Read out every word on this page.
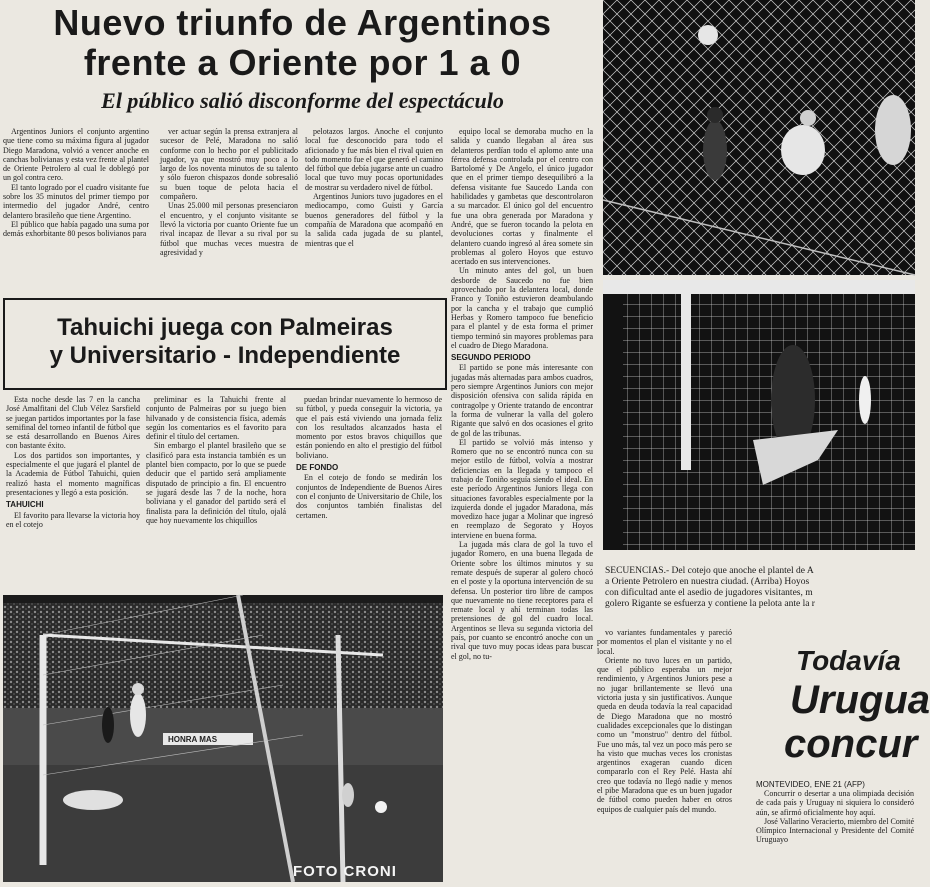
Nuevo triunfo de Argentinos
frente a Oriente por 1 a 0
El público salió disconforme del espectáculo

Argentinos Juniors el conjunto argentino que tiene como su máxima figura al jugador Diego Maradona, volvió a vencer anoche en canchas bolivianas y esta vez frente al plantel de Oriente Petrolero al cual le doblegó por un gol contra cero.

El tanto logrado por el cuadro visitante fue sobre los 35 minutos del primer tiempo por intermedio del jugador André, centro delantero brasileño que tiene Argentino.

El público que había pagado una suma por demás exhorbitante 80 pesos bolivianos para

ver actuar según la prensa extranjera al sucesor de Pelé, Maradona no salió conforme con lo hecho por el publicitado jugador, ya que mostró muy poco a lo largo de los noventa minutos de su talento y sólo fueron chispazos donde sobresalió su buen toque de pelota hacia el compañero.

Unas 25.000 mil personas presenciaron el encuentro, y el conjunto visitante se llevó la victoria por cuanto Oriente fue un rival incapaz de llevar a su rival por su fútbol que muchas veces muestra de agresividad y

pelotazos largos. Anoche el conjunto local fue desconocido para todo el aficionado y fue más bien el rival quien en todo momento fue el que generó el camino del fútbol que debía jugarse ante un cuadro local que tuvo muy pocas oportunidades de mostrar su verdadero nivel de fútbol.

Argentinos Juniors tuvo jugadores en el mediocampo, como Guisti y García buenos generadores del fútbol y la compañía de Maradona que acompañó en la salida cada jugada de su plantel, mientras que el

equipo local se demoraba mucho en la salida y cuando llegaban al área sus delanteros perdían todo el aplomo ante una férrea defensa controlada por el centro con Bartolomé y De Angelo, el único jugador que en el primer tiempo desequilibró a la defensa visitante fue Saucedo Landa con habilidades y gambetas que descontrolaron a su marcador. El único gol del encuentro fue una obra generada por Maradona y André, que se fueron tocando la pelota en devoluciones cortas y finalmente el delantero cuando ingresó al área somete sin problemas al golero Hoyos que estuvo acertado en sus intervenciones.

Un minuto antes del gol, un buen desborde de Saucedo no fue bien aprovechado por la delantera local, donde Franco y Toniño estuvieron deambulando por la cancha y el trabajo que cumplió Herbas y Romero tampoco fue beneficio para el plantel y de esta forma el primer tiempo terminó sin mayores problemas para el cuadro de Diego Maradona.

SEGUNDO PERIODO

El partido se pone más interesante con jugadas más alternadas para ambos cuadros, pero siempre Argentinos Juniors con mejor disposición ofensiva con salida rápida en contragolpe y Oriente tratando de encontrar la forma de vulnerar la valla del golero Rigante que salvó en dos ocasiones el grito de gol de las tribunas.

El partido se volvió más intenso y Romero que no se encontró nunca con su mejor estilo de fútbol, volvía a mostrar deficiencias en la llegada y tampoco el trabajo de Toniño seguía siendo el ideal. En este período Argentinos Juniors llega con situaciones favorables especialmente por la izquierda donde el jugador Maradona, más movedizo hace jugar a Molinar que ingresó en reemplazo de Segorato y Hoyos interviene en buena forma.

La jugada más clara de gol la tuvo el jugador Romero, en una buena llegada de Oriente sobre los últimos minutos y su remate después de superar al golero chocó en el poste y la oportuna intervención de su defensa. Un posterior tiro libre de campos que nuevamente no tiene receptores para el remate local y ahí terminan todas las pretensiones de gol del cuadro local. Argentinos se lleva su segunda victoria del país, por cuanto se encontró anoche con un rival que tuvo muy pocas ideas para buscar el gol, no tu-

vo variantes fundamentales y pareció por momentos el plan el visitante y no el local.

Oriente no tuvo luces en un partido, que el público esperaba un mejor rendimiento, y Argentinos Juniors pese a no jugar brillantemente se llevó una victoria justa y sin justificativos. Aunque queda en deuda todavía la real capacidad de Diego Maradona que no mostró cualidades excepcionales que lo distingan como un "monstruo" dentro del fútbol. Fue uno más, tal vez un poco más pero se ha visto que muchas veces los cronistas argentinos exageran cuando dicen compararlo con el Rey Pelé. Hasta ahí creo que todavía no llegó nadie y menos el pibe Maradona que es un buen jugador de fútbol como pueden haber en otros equipos de cualquier país del mundo.

Tahuichi juega con Palmeiras
y Universitario - Independiente

Esta noche desde las 7 en la cancha José Amalfitani del Club Vélez Sarsfield se juegan partidos importantes por la fase semifinal del torneo infantil de fútbol que se está desarrollando en Buenos Aires con bastante éxito.

Los dos partidos son importantes, y especialmente el que jugará el plantel de la Academia de Fútbol Tahuichi, quien realizó hasta el momento magníficas presentaciones y llegó a esta posición.

TAHUICHI

El favorito para llevarse la victoria hoy en el cotejo

preliminar es la Tahuichi frente al conjunto de Palmeiras por su juego bien hilvanado y de consistencia física, además según los comentarios es el favorito para definir el título del certamen.

Sin embargo el plantel brasileño que se clasificó para esta instancia también es un plantel bien compacto, por lo que se puede deducir que el partido será ampliamente disputado de principio a fin. El encuentro se jugará desde las 7 de la noche, hora boliviana y el ganador del partido será el finalista para la definición del título, ojalá que hoy nuevamente los chiquillos

puedan brindar nuevamente lo hermoso de su fútbol, y pueda conseguir la victoria, ya que el país está viviendo una jornada feliz con los resultados alcanzados hasta el momento por estos bravos chiquillos que están poniendo en alto el prestigio del fútbol boliviano.

DE FONDO

En el cotejo de fondo se medirán los conjuntos de Independiente de Buenos Aires con el conjunto de Universitario de Chile, los dos conjuntos también finalistas del certamen.

HONRA MAS
FOTO CRONI
SECUENCIAS.- Del cotejo que anoche el plantel de A
a Oriente Petrolero en nuestra ciudad. (Arriba) Hoyos
con dificultad ante el asedio de jugadores visitantes, m
golero Rigante se esfuerza y contiene la pelota ante la r
Todavía
Urugua
concur
MONTEVIDEO, ENE 21 (AFP)

Concurrir o desertar a una olimpiada decisión de cada país y Uruguay ni siquiera lo consideró aún, se afirmó oficialmente hoy aquí.

José Vallarino Veracierto, miembro del Comité Olímpico Internacional y Presidente del Comité Uruguayo
